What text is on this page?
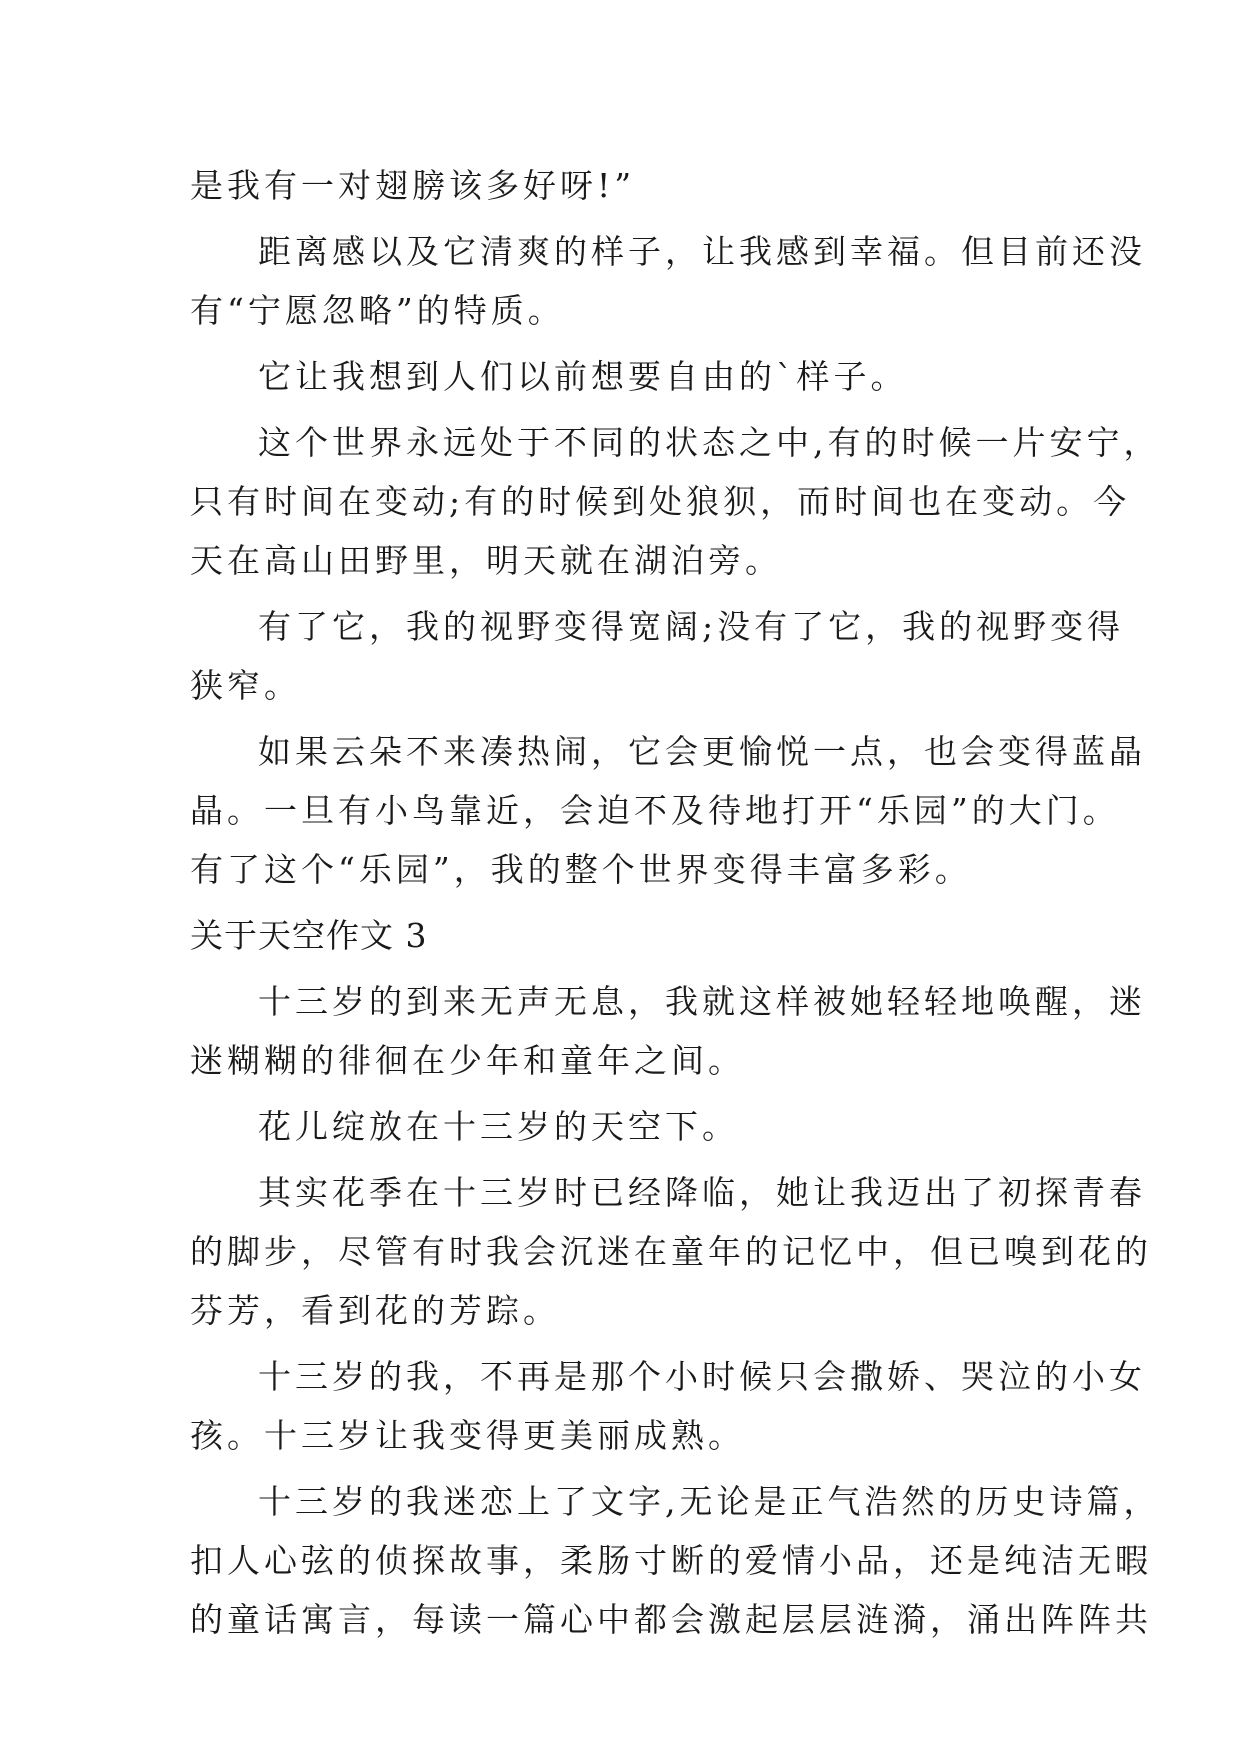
是我有一对翅膀该多好呀!”
距离感以及它清爽的样子，让我感到幸福。但目前还没
有“宁愿忽略”的特质。
它让我想到人们以前想要自由的`样子。
这个世界永远处于不同的状态之中,有的时候一片安宁，
只有时间在变动;有的时候到处狼狈，而时间也在变动。今
天在高山田野里，明天就在湖泊旁。
有了它，我的视野变得宽阔;没有了它，我的视野变得
狭窄。
如果云朵不来凑热闹，它会更愉悦一点，也会变得蓝晶
晶。一旦有小鸟靠近，会迫不及待地打开“乐园”的大门。
有了这个“乐园”，我的整个世界变得丰富多彩。
关于天空作文 3
十三岁的到来无声无息，我就这样被她轻轻地唤醒，迷
迷糊糊的徘徊在少年和童年之间。
花儿绽放在十三岁的天空下。
其实花季在十三岁时已经降临，她让我迈出了初探青春
的脚步，尽管有时我会沉迷在童年的记忆中，但已嗅到花的
芬芳，看到花的芳踪。
十三岁的我，不再是那个小时候只会撒娇、哭泣的小女
孩。十三岁让我变得更美丽成熟。
十三岁的我迷恋上了文字,无论是正气浩然的历史诗篇，
扣人心弦的侦探故事，柔肠寸断的爱情小品，还是纯洁无暇
的童话寓言，每读一篇心中都会激起层层涟漪，涌出阵阵共
